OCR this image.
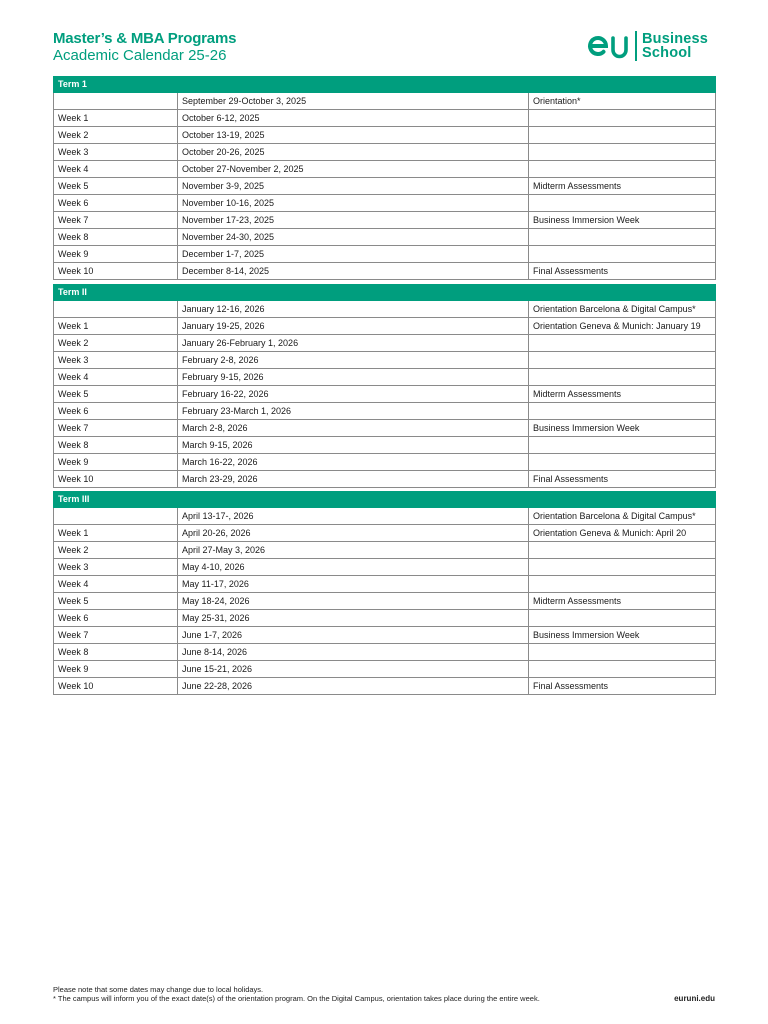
Master’s & MBA Programs
Academic Calendar 25-26
Business
School
Term 1		
	September 29-October 3, 2025	Orientation*
Week 1	October 6-12, 2025	
Week 2	October 13-19, 2025	
Week 3	October 20-26, 2025	
Week 4	October 27-November 2, 2025	
Week 5	November 3-9, 2025	Midterm Assessments
Week 6	November 10-16, 2025	
Week 7	November 17-23, 2025	Business Immersion Week
Week 8	November 24-30, 2025	
Week 9	December 1-7, 2025	
Week 10	December 8-14, 2025	Final Assessments
Term II		
	January 12-16, 2026	Orientation Barcelona & Digital Campus*
Week 1	January 19-25, 2026	Orientation Geneva & Munich: January 19
Week 2	January 26-February 1, 2026	
Week 3	February 2-8, 2026	
Week 4	February 9-15, 2026	
Week 5	February 16-22, 2026	Midterm Assessments
Week 6	February 23-March 1, 2026	
Week 7	March 2-8, 2026	Business Immersion Week
Week 8	March 9-15, 2026	
Week 9	March 16-22, 2026	
Week 10	March 23-29, 2026	Final Assessments
Term III		
	April 13-17-, 2026	Orientation Barcelona & Digital Campus*
Week 1	April 20-26, 2026	Orientation Geneva & Munich: April 20
Week 2	April 27-May 3, 2026	
Week 3	May 4-10, 2026	
Week 4	May 11-17, 2026	
Week 5	May 18-24, 2026	Midterm Assessments
Week 6	May 25-31, 2026	
Week 7	June 1-7, 2026	Business Immersion Week
Week 8	June 8-14, 2026	
Week 9	June 15-21, 2026	
Week 10	June 22-28, 2026	Final Assessments
Please note that some dates may change due to local holidays.
* The campus will inform you of the exact date(s) of the orientation program. On the Digital Campus, orientation takes place during the entire week.	euruni.edu
